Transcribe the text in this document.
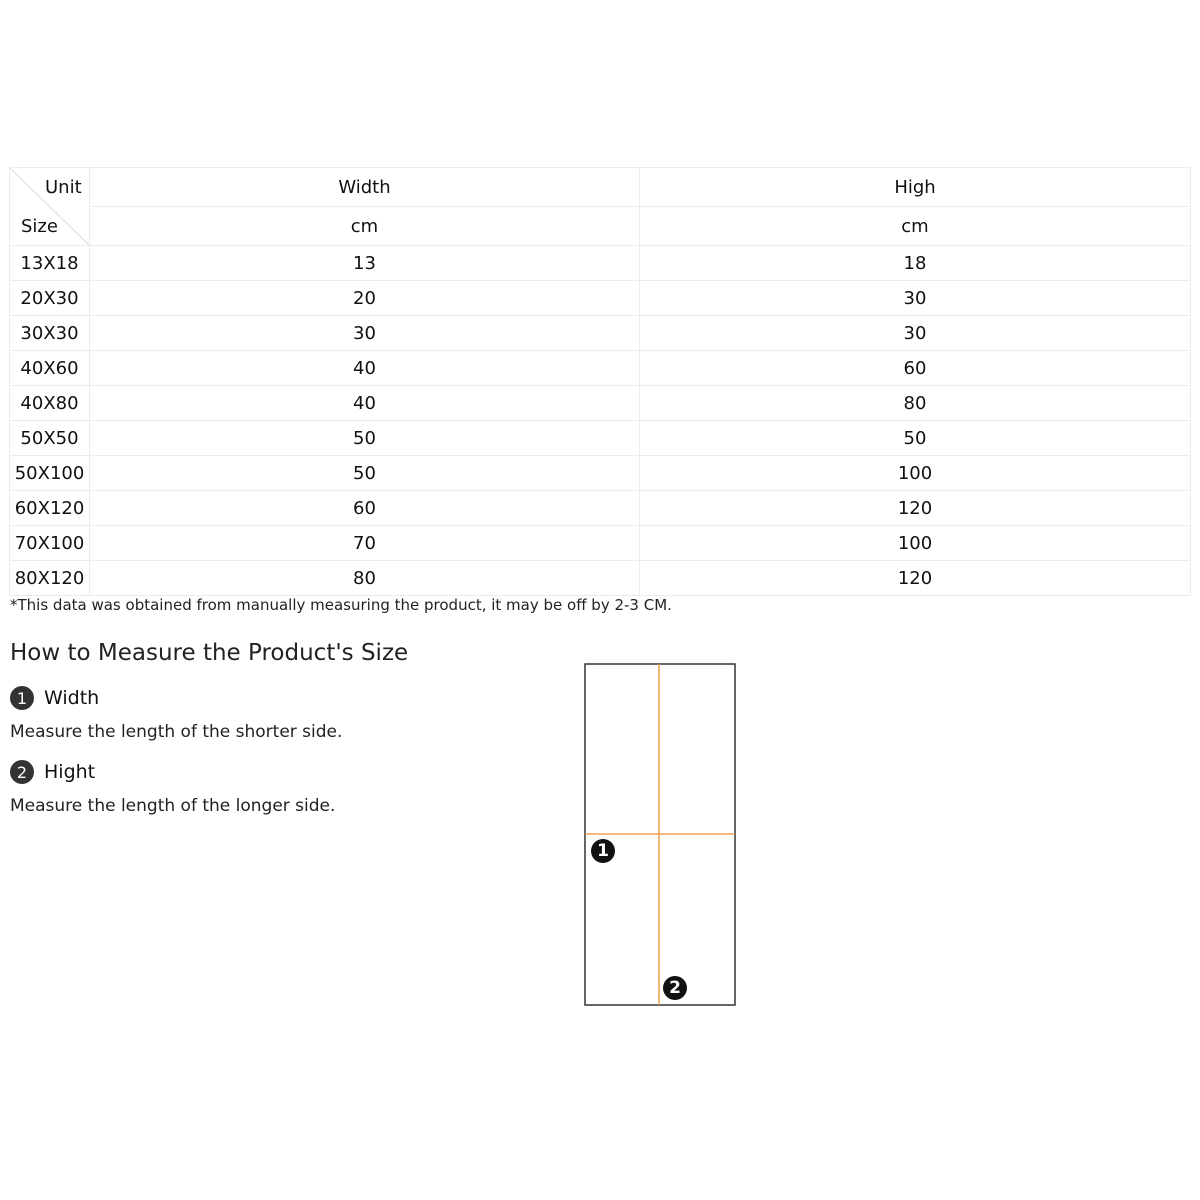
Unit
Size	Width	High
	cm	cm
13X18	13	18
20X30	20	30
30X30	30	30
40X60	40	60
40X80	40	80
50X50	50	50
50X100	50	100
60X120	60	120
70X100	70	100
80X120	80	120
*This data was obtained from manually measuring the product, it may be off by 2-3 CM.
How to Measure the Product's Size
1 Width
Measure the length of the shorter side.
2 Hight
Measure the length of the longer side.
1
2
